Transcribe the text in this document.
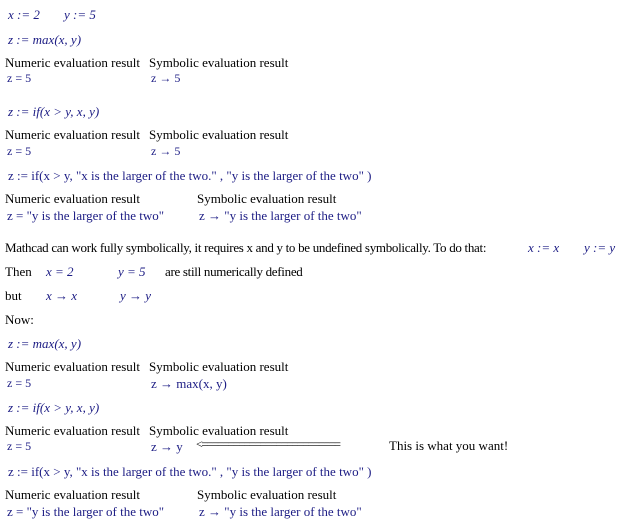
x := 2 y := 5
z := max(x, y)
Numeric evaluation result Symbolic evaluation result
z = 5	z → 5
z := if(x > y, x, y)
Numeric evaluation result Symbolic evaluation result
z = 5	z → 5
z := if(x > y, "x is the larger of the two." , "y is the larger of the two" )
Numeric evaluation result	Symbolic evaluation result
z = "y is the larger of the two"	z → "y is the larger of the two"
Mathcad can work fully symbolically, it requires x and y to be undefined symbolically. To do that:	x := x y := y
Then x = 2	y = 5 are still numerically defined
but x → x	y → y
Now:
z := max(x, y)
Numeric evaluation result Symbolic evaluation result
z = 5	z → max(x, y)
z := if(x > y, x, y)
Numeric evaluation result Symbolic evaluation result
z = 5	z → y <==========================	This is what you want!
z := if(x > y, "x is the larger of the two." , "y is the larger of the two" )
Numeric evaluation result	Symbolic evaluation result
z = "y is the larger of the two"	z → "y is the larger of the two"
